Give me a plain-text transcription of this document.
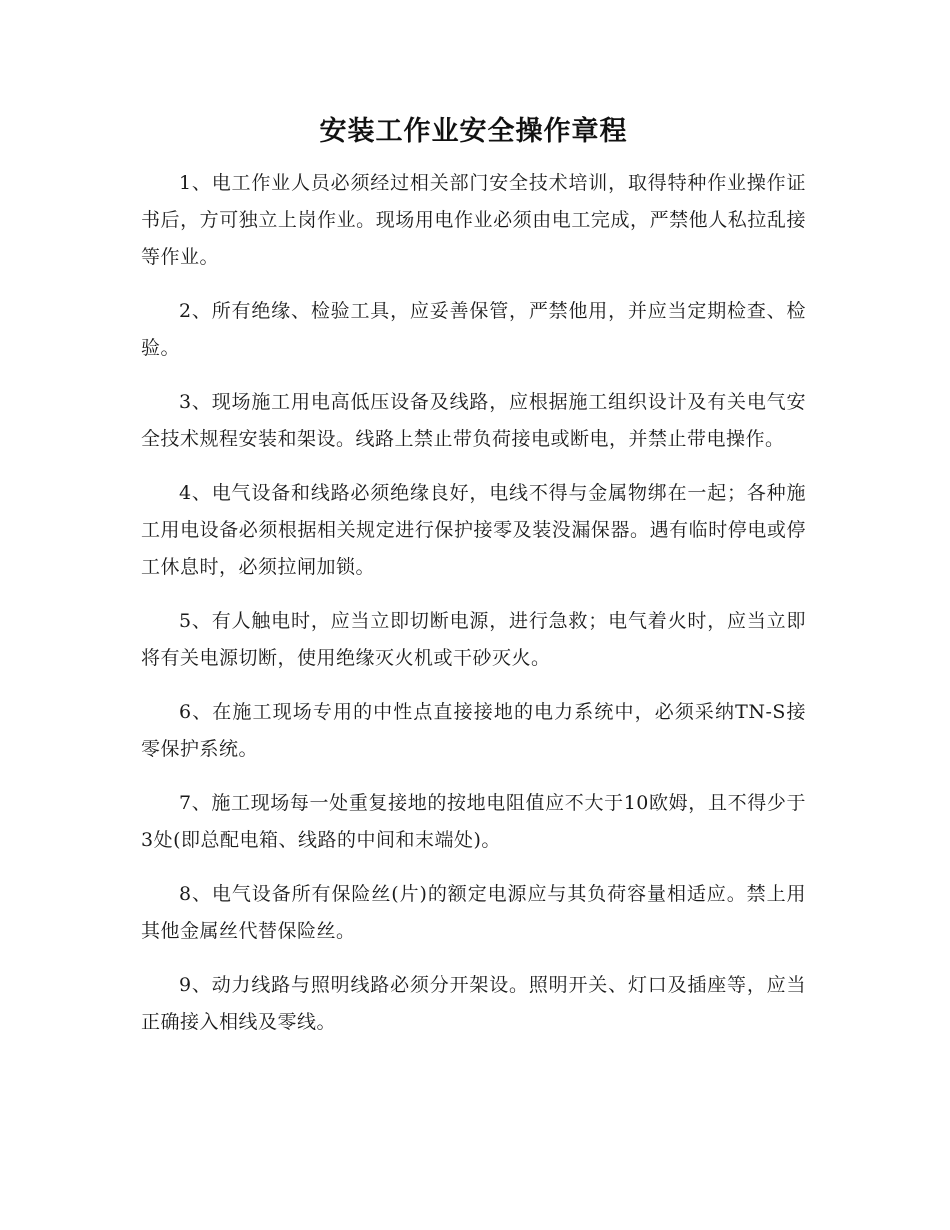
安装工作业安全操作章程

1、电工作业人员必须经过相关部门安全技术培训，取得特种作业操作证书后，方可独立上岗作业。现场用电作业必须由电工完成，严禁他人私拉乱接等作业。

2、所有绝缘、检验工具，应妥善保管，严禁他用，并应当定期检查、检验。

3、现场施工用电高低压设备及线路，应根据施工组织设计及有关电气安全技术规程安装和架设。线路上禁止带负荷接电或断电，并禁止带电操作。

4、电气设备和线路必须绝缘良好，电线不得与金属物绑在一起；各种施工用电设备必须根据相关规定进行保护接零及装没漏保器。遇有临时停电或停工休息时，必须拉闸加锁。

5、有人触电时，应当立即切断电源，进行急救；电气着火时，应当立即将有关电源切断，使用绝缘灭火机或干砂灭火。

6、在施工现场专用的中性点直接接地的电力系统中，必须采纳TN-S接零保护系统。

7、施工现场每一处重复接地的按地电阻值应不大于10欧姆，且不得少于3处(即总配电箱、线路的中间和末端处)。

8、电气设备所有保险丝(片)的额定电源应与其负荷容量相适应。禁上用其他金属丝代替保险丝。

9、动力线路与照明线路必须分开架设。照明开关、灯口及插座等，应当正确接入相线及零线。
